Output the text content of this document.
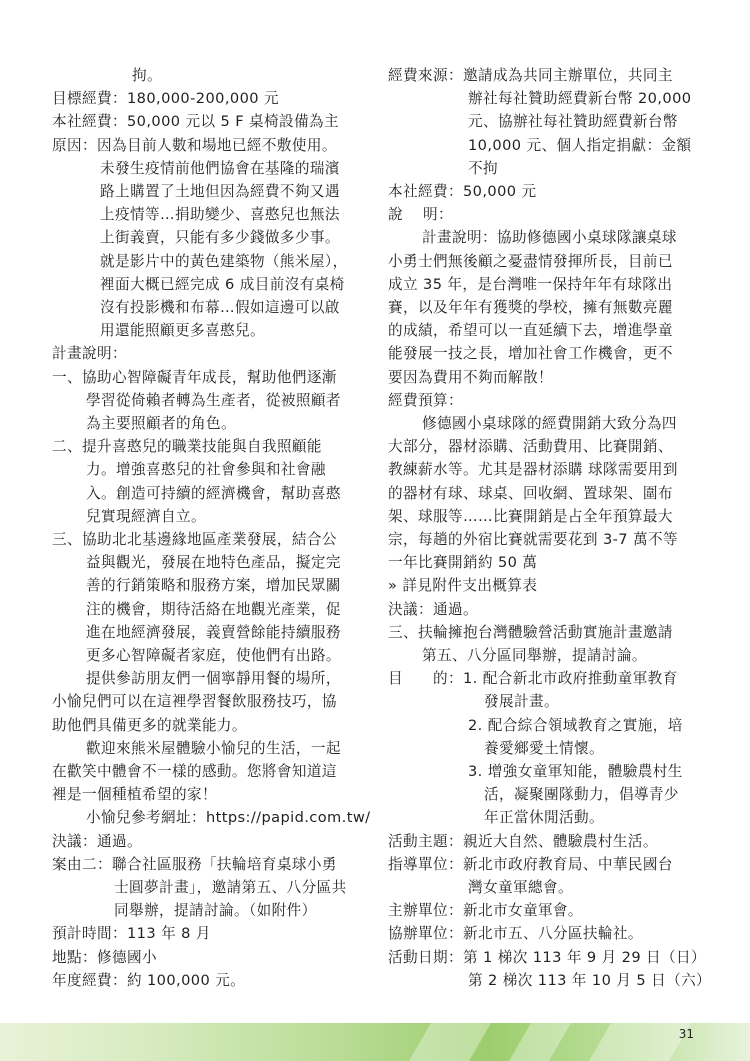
拘。
目標經費：180,000-200,000 元
本社經費：50,000 元以 5 F 桌椅設備為主
原因：因為目前人數和場地已經不敷使用。
未發生疫情前他們協會在基隆的瑞濱
路上購置了土地但因為經費不夠又遇
上疫情等…捐助變少、喜憨兒也無法
上街義賣，只能有多少錢做多少事。
就是影片中的黃色建築物（熊米屋），
裡面大概已經完成 6 成目前沒有桌椅
沒有投影機和布幕…假如這邊可以啟
用還能照顧更多喜憨兒。
計畫說明：
一、協助心智障礙青年成長，幫助他們逐漸
學習從倚賴者轉為生產者，從被照顧者
為主要照顧者的角色。
二、提升喜憨兒的職業技能與自我照顧能
力。增強喜憨兒的社會參與和社會融
入。創造可持續的經濟機會，幫助喜憨
兒實現經濟自立。
三、協助北北基邊緣地區產業發展，結合公
益與觀光，發展在地特色產品，擬定完
善的行銷策略和服務方案，增加民眾關
注的機會，期待活絡在地觀光產業，促
進在地經濟發展，義賣營餘能持續服務
更多心智障礙者家庭，使他們有出路。
提供參訪朋友們一個寧靜用餐的場所，
小愉兒們可以在這裡學習餐飲服務技巧，協
助他們具備更多的就業能力。
歡迎來熊米屋體驗小愉兒的生活，一起
在歡笑中體會不一樣的感動。您將會知道這
裡是一個種植希望的家！
小愉兒參考網址：https://papid.com.tw/
決議：通過。
案由二：聯合社區服務「扶輪培育桌球小勇
士圓夢計畫」，邀請第五、八分區共
同舉辦，提請討論。（如附件）
預計時間：113 年 8 月
地點：修德國小
年度經費：約 100,000 元。
經費來源：邀請成為共同主辦單位，共同主
辦社每社贊助經費新台幣 20,000
元、協辦社每社贊助經費新台幣
10,000 元、個人指定捐獻：金額
不拘
本社經費：50,000 元
說　 明：
計畫說明：協助修德國小桌球隊讓桌球
小勇士們無後顧之憂盡情發揮所長，目前已
成立 35 年，是台灣唯一保持年年有球隊出
賽，以及年年有獲獎的學校，擁有無數亮麗
的成績，希望可以一直延續下去，增進學童
能發展一技之長，增加社會工作機會，更不
要因為費用不夠而解散！
經費預算：
修德國小桌球隊的經費開銷大致分為四
大部分，器材添購、活動費用、比賽開銷、
教練薪水等。尤其是器材添購 球隊需要用到
的器材有球、球桌、回收網、置球架、圍布
架、球服等……比賽開銷是占全年預算最大
宗，每趟的外宿比賽就需要花到 3-7 萬不等
一年比賽開銷約 50 萬
» 詳見附件支出概算表
決議：通過。
三、扶輪擁抱台灣體驗營活動實施計畫邀請
第五、八分區同舉辦，提請討論。
目　　的：1. 配合新北市政府推動童軍教育
發展計畫。
2. 配合綜合領域教育之實施，培
養愛鄉愛土情懷。
3. 增強女童軍知能，體驗農村生
活，凝聚團隊動力，倡導青少
年正當休閒活動。
活動主題：親近大自然、體驗農村生活。
指導單位：新北市政府教育局、中華民國台
灣女童軍總會。
主辦單位：新北市女童軍會。
協辦單位：新北市五、八分區扶輪社。
活動日期：第 1 梯次 113 年 9 月 29 日（日）
第 2 梯次 113 年 10 月 5 日（六）
31
